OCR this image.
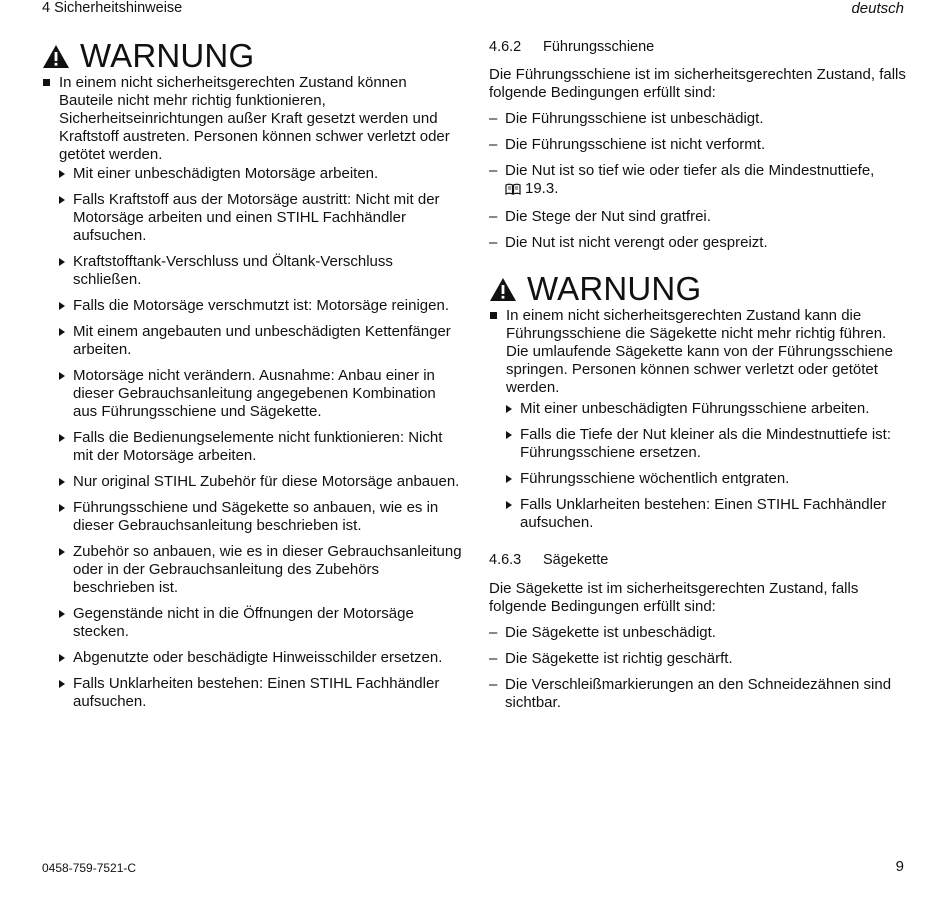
4 Sicherheitshinweise	deutsch
WARNUNG
In einem nicht sicherheitsgerechten Zustand können Bauteile nicht mehr richtig funktionieren, Sicherheitseinrichtungen außer Kraft gesetzt werden und Kraftstoff austreten. Personen können schwer verletzt oder getötet werden.
Mit einer unbeschädigten Motorsäge arbeiten.
Falls Kraftstoff aus der Motorsäge austritt: Nicht mit der Motorsäge arbeiten und einen STIHL Fachhändler aufsuchen.
Kraftstofftank-Verschluss und Öltank-Verschluss schließen.
Falls die Motorsäge verschmutzt ist: Motorsäge reinigen.
Mit einem angebauten und unbeschädigten Kettenfänger arbeiten.
Motorsäge nicht verändern. Ausnahme: Anbau einer in dieser Gebrauchsanleitung angegebenen Kombination aus Führungsschiene und Sägekette.
Falls die Bedienungselemente nicht funktionieren: Nicht mit der Motorsäge arbeiten.
Nur original STIHL Zubehör für diese Motorsäge anbauen.
Führungsschiene und Sägekette so anbauen, wie es in dieser Gebrauchsanleitung beschrieben ist.
Zubehör so anbauen, wie es in dieser Gebrauchsanleitung oder in der Gebrauchsanleitung des Zubehörs beschrieben ist.
Gegenstände nicht in die Öffnungen der Motorsäge stecken.
Abgenutzte oder beschädigte Hinweisschilder ersetzen.
Falls Unklarheiten bestehen: Einen STIHL Fachhändler aufsuchen.
4.6.2 Führungsschiene
Die Führungsschiene ist im sicherheitsgerechten Zustand, falls folgende Bedingungen erfüllt sind:
– Die Führungsschiene ist unbeschädigt.
– Die Führungsschiene ist nicht verformt.
– Die Nut ist so tief wie oder tiefer als die Mindestnuttiefe,
19.3.
– Die Stege der Nut sind gratfrei.
– Die Nut ist nicht verengt oder gespreizt.
WARNUNG
In einem nicht sicherheitsgerechten Zustand kann die Führungsschiene die Sägekette nicht mehr richtig führen. Die umlaufende Sägekette kann von der Führungsschiene springen. Personen können schwer verletzt oder getötet werden.
Mit einer unbeschädigten Führungsschiene arbeiten.
Falls die Tiefe der Nut kleiner als die Mindestnuttiefe ist: Führungsschiene ersetzen.
Führungsschiene wöchentlich entgraten.
Falls Unklarheiten bestehen: Einen STIHL Fachhändler aufsuchen.
4.6.3 Sägekette
Die Sägekette ist im sicherheitsgerechten Zustand, falls folgende Bedingungen erfüllt sind:
– Die Sägekette ist unbeschädigt.
– Die Sägekette ist richtig geschärft.
– Die Verschleißmarkierungen an den Schneidezähnen sind sichtbar.
0458-759-7521-C	9
